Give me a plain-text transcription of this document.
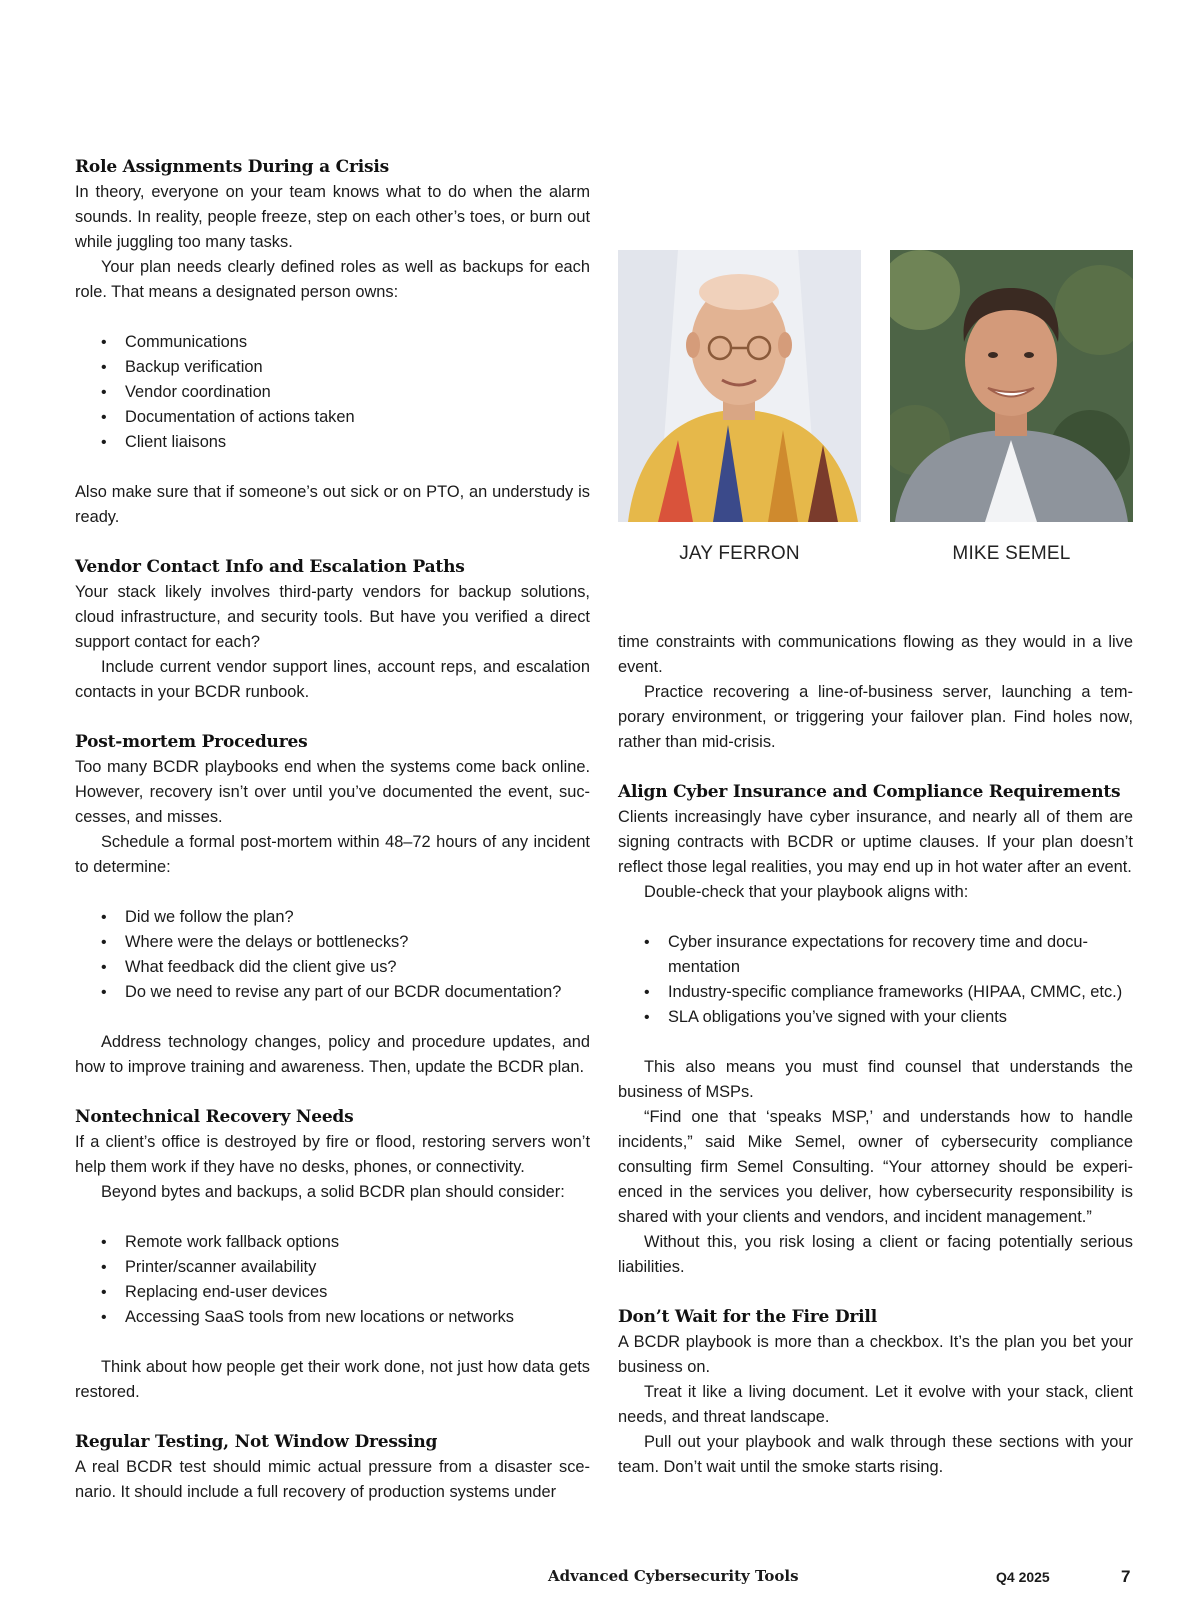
Role Assignments During a Crisis

In theory, everyone on your team knows what to do when the alarm sounds. In reality, people freeze, step on each other’s toes, or burn out while juggling too many tasks.

Your plan needs clearly defined roles as well as backups for each role. That means a designated person owns:

• Communications
• Backup verification
• Vendor coordination
• Documentation of actions taken
• Client liaisons

Also make sure that if someone’s out sick or on PTO, an understudy is ready.

Vendor Contact Info and Escalation Paths

Your stack likely involves third-party vendors for backup solutions, cloud infrastructure, and security tools. But have you verified a direct support contact for each?

Include current vendor support lines, account reps, and escalation contacts in your BCDR runbook.

Post-mortem Procedures

Too many BCDR playbooks end when the systems come back online. However, recovery isn’t over until you’ve documented the event, successes, and misses.

Schedule a formal post-mortem within 48–72 hours of any incident to determine:

• Did we follow the plan?
• Where were the delays or bottlenecks?
• What feedback did the client give us?
• Do we need to revise any part of our BCDR documentation?

Address technology changes, policy and procedure updates, and how to improve training and awareness. Then, update the BCDR plan.

Nontechnical Recovery Needs

If a client’s office is destroyed by fire or flood, restoring servers won’t help them work if they have no desks, phones, or connectivity.

Beyond bytes and backups, a solid BCDR plan should consider:

• Remote work fallback options
• Printer/scanner availability
• Replacing end-user devices
• Accessing SaaS tools from new locations or networks

Think about how people get their work done, not just how data gets restored.

Regular Testing, Not Window Dressing

A real BCDR test should mimic actual pressure from a disaster scenario. It should include a full recovery of production systems under

JAY FERRON	MIKE SEMEL

time constraints with communications flowing as they would in a live event.

Practice recovering a line-of-business server, launching a temporary environment, or triggering your failover plan. Find holes now, rather than mid-crisis.

Align Cyber Insurance and Compliance Requirements

Clients increasingly have cyber insurance, and nearly all of them are signing contracts with BCDR or uptime clauses. If your plan doesn’t reflect those legal realities, you may end up in hot water after an event.

Double-check that your playbook aligns with:

• Cyber insurance expectations for recovery time and documentation
• Industry-specific compliance frameworks (HIPAA, CMMC, etc.)
• SLA obligations you’ve signed with your clients

This also means you must find counsel that understands the business of MSPs.

“Find one that ‘speaks MSP,’ and understands how to handle incidents,” said Mike Semel, owner of cybersecurity compliance consulting firm Semel Consulting. “Your attorney should be experienced in the services you deliver, how cybersecurity responsibility is shared with your clients and vendors, and incident management.”

Without this, you risk losing a client or facing potentially serious liabilities.

Don’t Wait for the Fire Drill

A BCDR playbook is more than a checkbox. It’s the plan you bet your business on.

Treat it like a living document. Let it evolve with your stack, client needs, and threat landscape.

Pull out your playbook and walk through these sections with your team. Don’t wait until the smoke starts rising.

Advanced Cybersecurity Tools	Q4 2025	7
